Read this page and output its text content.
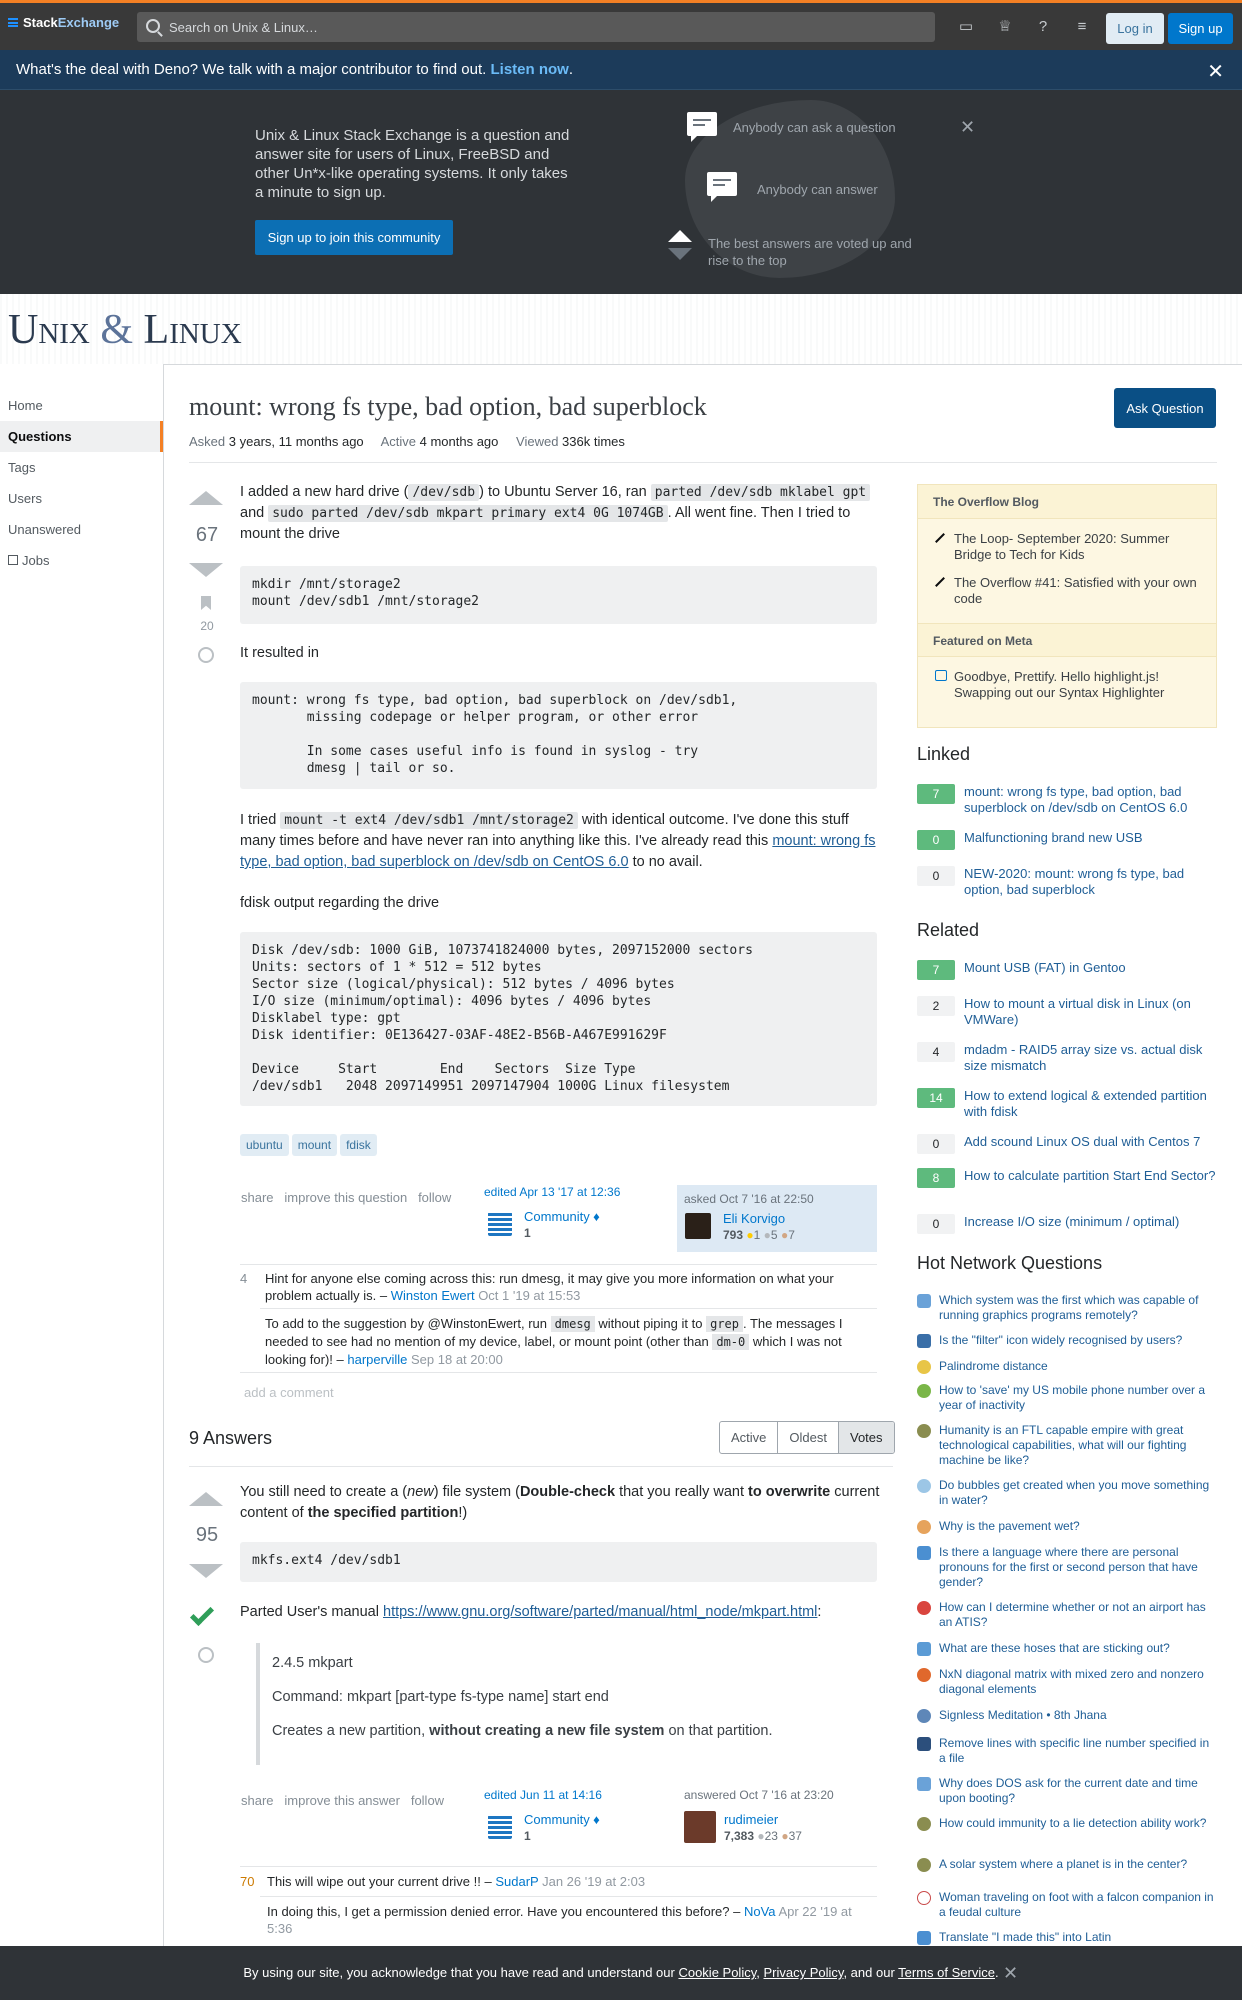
StackExchange	Search on Unix & Linux…	▭ ♕	?	≡	Log in	Sign up
What's the deal with Deno? We talk with a major contributor to find out. Listen now.	✕
Unix & Linux Stack Exchange is a question and answer site for users of Linux, FreeBSD and other Un*x-like operating systems. It only takes a minute to sign up.
Sign up to join this community
Anybody can ask a question
Anybody can answer
The best answers are voted up and rise to the top
✕
Unix & Linux
Home
Questions
Tags
Users
Unanswered
Jobs
mount: wrong fs type, bad option, bad superblock	Ask Question
Asked 3 years, 11 months ago Active 4 months ago Viewed 336k times
67
20
I added a new hard drive ( /dev/sdb ) to Ubuntu Server 16, ran parted /dev/sdb mklabel gpt and sudo parted /dev/sdb mkpart primary ext4 0G 1074GB . All went fine. Then I tried to mount the drive
mkdir /mnt/storage2
mount /dev/sdb1 /mnt/storage2
It resulted in
mount: wrong fs type, bad option, bad superblock on /dev/sdb1,
missing codepage or helper program, or other error

In some cases useful info is found in syslog - try
dmesg | tail or so.
I tried mount -t ext4 /dev/sdb1 /mnt/storage2 with identical outcome. I've done this stuff many times before and have never ran into anything like this. I've already read this mount: wrong fs type, bad option, bad superblock on /dev/sdb on CentOS 6.0 to no avail.
fdisk output regarding the drive
Disk /dev/sdb: 1000 GiB, 1073741824000 bytes, 2097152000 sectors
Units: sectors of 1 * 512 = 512 bytes
Sector size (logical/physical): 512 bytes / 4096 bytes
I/O size (minimum/optimal): 4096 bytes / 4096 bytes
Disklabel type: gpt
Disk identifier: 0E136427-03AF-48E2-B56B-A467E991629F

Device     Start        End    Sectors  Size Type
/dev/sdb1   2048 2097149951 2097147904 1000G Linux filesystem
ubuntu mount fdisk
share improve this question follow	edited Apr 13 '17 at 12:36
Community ♦
1
asked Oct 7 '16 at 22:50
Eli Korvigo
793 ●1 ●5 ●7
4 Hint for anyone else coming across this: run dmesg, it may give you more information on what your problem actually is. – Winston Ewert Oct 1 '19 at 15:53
To add to the suggestion by @WinstonEwert, run dmesg without piping it to grep . The messages I needed to see had no mention of my device, label, or mount point (other than dm-0 which I was not looking for)! – harperville Sep 18 at 20:00
add a comment
9 Answers	Active	Oldest	Votes
95
You still need to create a (new) file system (Double-check that you really want to overwrite current content of the specified partition!)
mkfs.ext4 /dev/sdb1
Parted User's manual https://www.gnu.org/software/parted/manual/html_node/mkpart.html:
2.4.5 mkpart
Command: mkpart [part-type fs-type name] start end
Creates a new partition, without creating a new file system on that partition.
share improve this answer follow	edited Jun 11 at 14:16
Community ♦
1
answered Oct 7 '16 at 23:20
rudimeier
7,383 ●23 ●37
70 This will wipe out your current drive !! – SudarP Jan 26 '19 at 2:03
In doing this, I get a permission denied error. Have you encountered this before? – NoVa Apr 22 '19 at 5:36
The Overflow Blog
The Loop- September 2020: Summer Bridge to Tech for Kids
The Overflow #41: Satisfied with your own code
Featured on Meta
Goodbye, Prettify. Hello highlight.js! Swapping out our Syntax Highlighter
Linked
7	mount: wrong fs type, bad option, bad superblock on /dev/sdb on CentOS 6.0
0	Malfunctioning brand new USB
0	NEW-2020: mount: wrong fs type, bad option, bad superblock
Related
7	Mount USB (FAT) in Gentoo
2	How to mount a virtual disk in Linux (on VMWare)
4	mdadm - RAID5 array size vs. actual disk size mismatch
14	How to extend logical & extended partition with fdisk
0	Add scound Linux OS dual with Centos 7
8	How to calculate partition Start End Sector?
0	Increase I/O size (minimum / optimal)
Hot Network Questions
Which system was the first which was capable of running graphics programs remotely?
Is the "filter" icon widely recognised by users?
Palindrome distance
How to 'save' my US mobile phone number over a year of inactivity
Humanity is an FTL capable empire with great technological capabilities, what will our fighting machine be like?
Do bubbles get created when you move something in water?
Why is the pavement wet?
Is there a language where there are personal pronouns for the first or second person that have gender?
How can I determine whether or not an airport has an ATIS?
What are these hoses that are sticking out?
NxN diagonal matrix with mixed zero and nonzero diagonal elements
Signless Meditation • 8th Jhana
Remove lines with specific line number specified in a file
Why does DOS ask for the current date and time upon booting?
How could immunity to a lie detection ability work?
A solar system where a planet is in the center?
Woman traveling on foot with a falcon companion in a feudal culture
Translate "I made this" into Latin
By using our site, you acknowledge that you have read and understand our Cookie Policy, Privacy Policy, and our Terms of Service. ✕
